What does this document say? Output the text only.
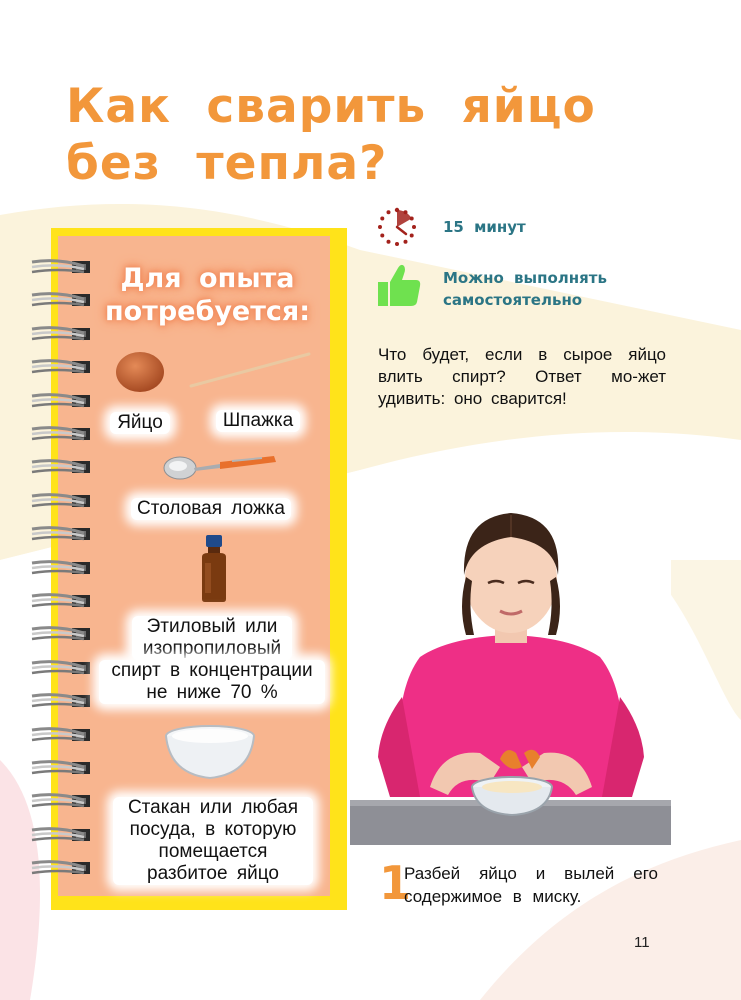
Как сварить яйцо
без тепла?
Для опыта
потребуется:
Яйцо	Шпажка
Столовая ложка
Этиловый или
изопропиловый
спирт в концентрации
не ниже 70 %
Стакан или любая
посуда, в которую
помещается
разбитое яйцо
15 минут
Можно выполнять
самостоятельно
Что будет, если в сырое яйцо влить спирт? Ответ мо-жет удивить: оно сварится!
1
Разбей яйцо и вылей его содержимое в миску.
11
